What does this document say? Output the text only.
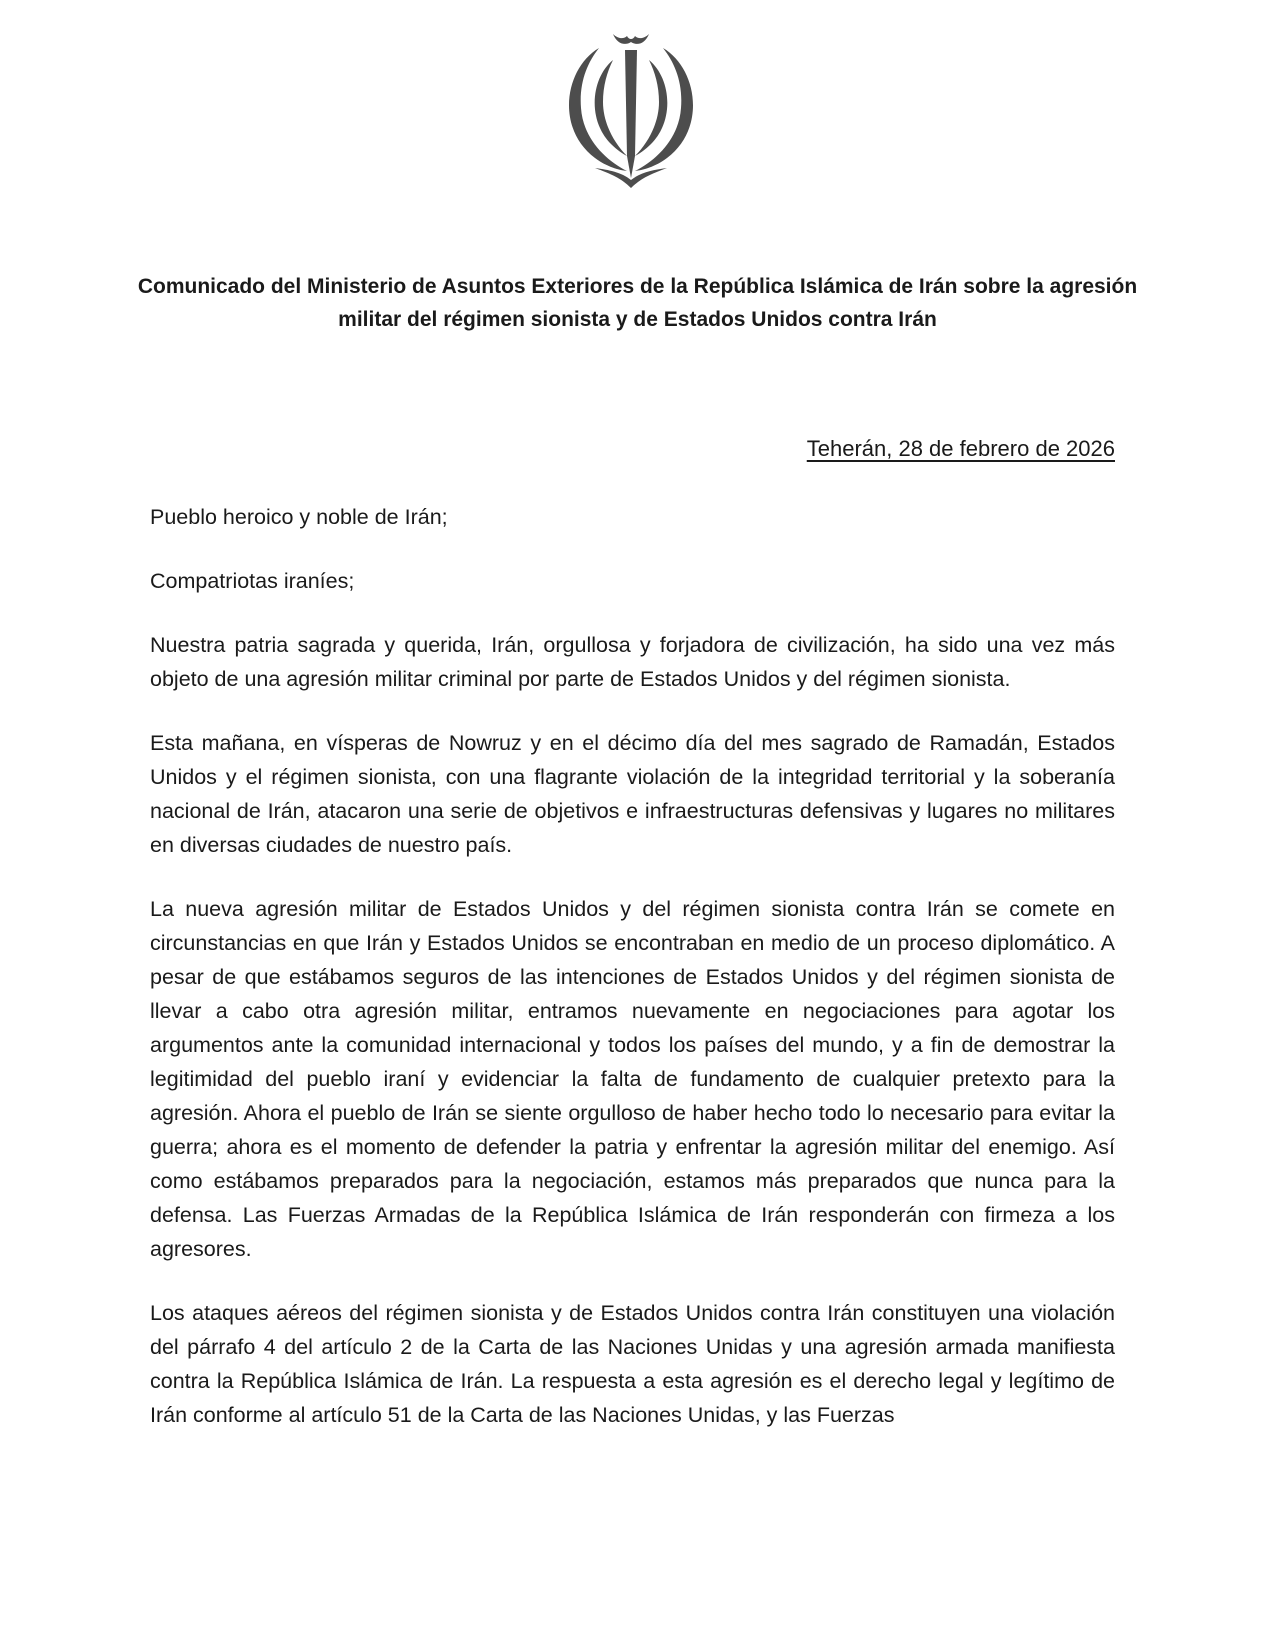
Comunicado del Ministerio de Asuntos Exteriores de la República Islámica de Irán sobre la agresión militar del régimen sionista y de Estados Unidos contra Irán
Teherán, 28 de febrero de 2026

Pueblo heroico y noble de Irán;

Compatriotas iraníes;

Nuestra patria sagrada y querida, Irán, orgullosa y forjadora de civilización, ha sido una vez más objeto de una agresión militar criminal por parte de Estados Unidos y del régimen sionista.

Esta mañana, en vísperas de Nowruz y en el décimo día del mes sagrado de Ramadán, Estados Unidos y el régimen sionista, con una flagrante violación de la integridad territorial y la soberanía nacional de Irán, atacaron una serie de objetivos e infraestructuras defensivas y lugares no militares en diversas ciudades de nuestro país.

La nueva agresión militar de Estados Unidos y del régimen sionista contra Irán se comete en circunstancias en que Irán y Estados Unidos se encontraban en medio de un proceso diplomático. A pesar de que estábamos seguros de las intenciones de Estados Unidos y del régimen sionista de llevar a cabo otra agresión militar, entramos nuevamente en negociaciones para agotar los argumentos ante la comunidad internacional y todos los países del mundo, y a fin de demostrar la legitimidad del pueblo iraní y evidenciar la falta de fundamento de cualquier pretexto para la agresión. Ahora el pueblo de Irán se siente orgulloso de haber hecho todo lo necesario para evitar la guerra; ahora es el momento de defender la patria y enfrentar la agresión militar del enemigo. Así como estábamos preparados para la negociación, estamos más preparados que nunca para la defensa. Las Fuerzas Armadas de la República Islámica de Irán responderán con firmeza a los agresores.

Los ataques aéreos del régimen sionista y de Estados Unidos contra Irán constituyen una violación del párrafo 4 del artículo 2 de la Carta de las Naciones Unidas y una agresión armada manifiesta contra la República Islámica de Irán. La respuesta a esta agresión es el derecho legal y legítimo de Irán conforme al artículo 51 de la Carta de las Naciones Unidas, y las Fuerzas
